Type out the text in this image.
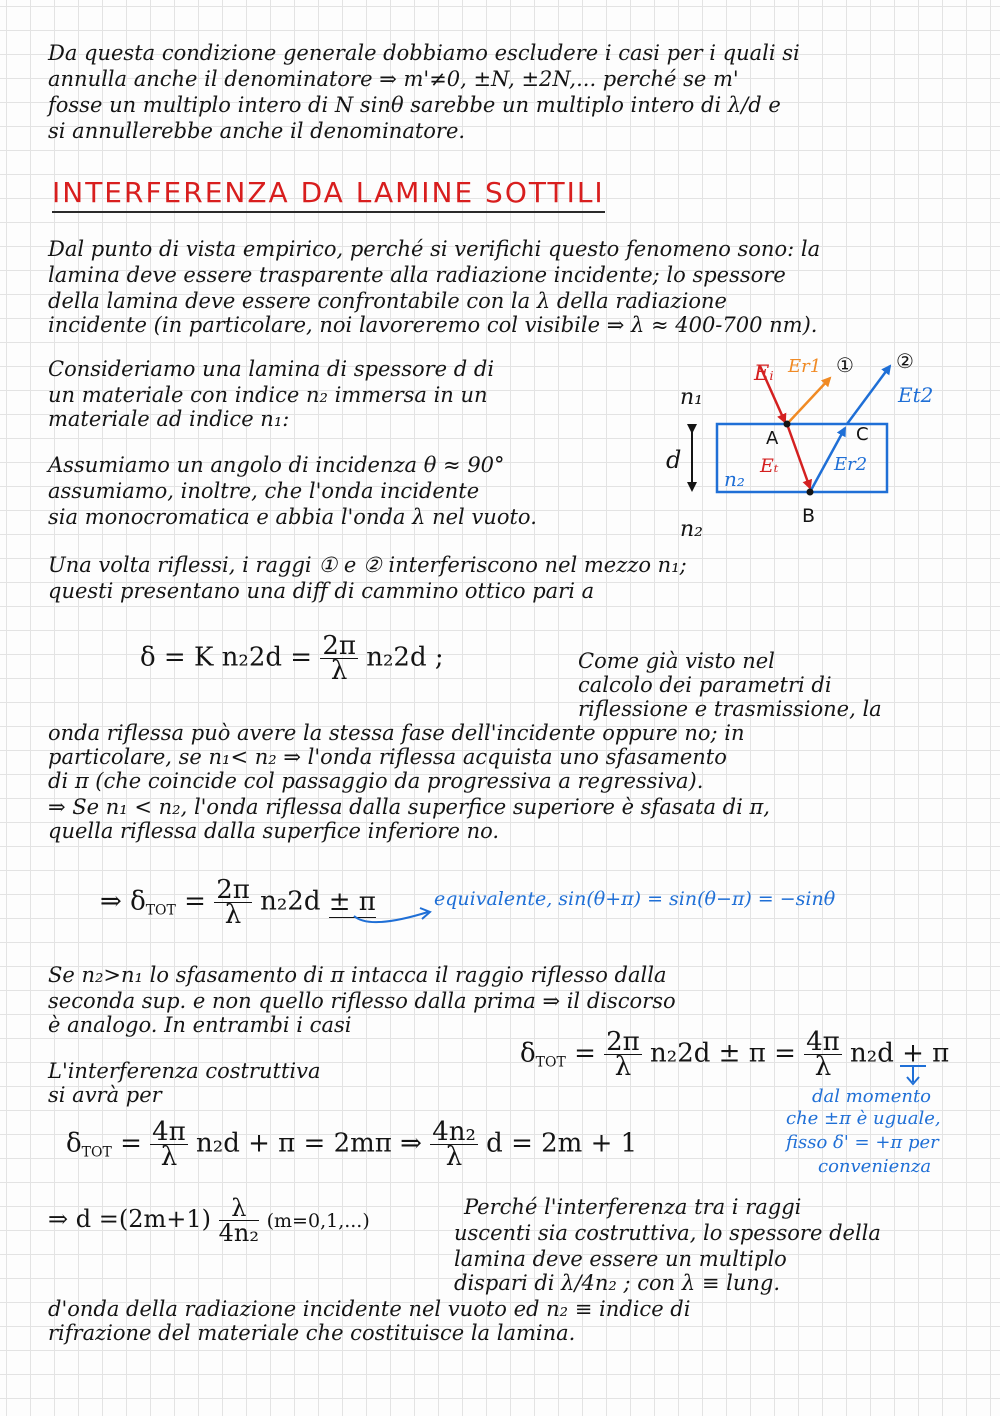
Da questa condizione generale dobbiamo escludere i casi per i quali si
annulla anche il denominatore ⇒ m'≠0, ±N, ±2N,... perché se m'
fosse un multiplo intero di N sinθ sarebbe un multiplo intero di λ/d e
si annullerebbe anche il denominatore.
INTERFERENZA DA LAMINE SOTTILI
Dal punto di vista empirico, perché si verifichi questo fenomeno sono: la
lamina deve essere trasparente alla radiazione incidente; lo spessore
della lamina deve essere confrontabile con la λ della radiazione
incidente (in particolare, noi lavoreremo col visibile ⇒ λ ≈ 400-700 nm).
Consideriamo una lamina di spessore d di
un materiale con indice n₂ immersa in un
materiale ad indice n₁:
Assumiamo un angolo di incidenza θ ≈ 90°
assumiamo, inoltre, che l'onda incidente
sia monocromatica e abbia l'onda λ nel vuoto.
Eᵢ Er1 ① ②
Et2
n₁
A	C
d
n₂
Eₜ	Er2
B
n₂
Una volta riflessi, i raggi ① e ② interferiscono nel mezzo n₁;
questi presentano una diff di cammino ottico pari a
δ = K $n_22d = \frac{2\pi}{\lambda} n_22d$ ;	Come già visto nel
calcolo dei parametri di
riflessione e trasmissione, la
onda riflessa può avere la stessa fase dell'incidente oppure no; in
particolare, se n₁< n₂ ⇒ l'onda riflessa acquista uno sfasamento
di π (che coincide col passaggio da progressiva a regressiva).
⇒ Se n₁ < n₂, l'onda riflessa dalla superfice superiore è sfasata di π,
quella riflessa dalla superfice inferiore no.
⇒ $\delta_{TOT} = \frac{2\pi}{\lambda} n_22d \pm \pi$	equivalente, sin(θ+π) = sin(θ−π) = −sinθ
Se n₂>n₁ lo sfasamento di π intacca il raggio riflesso dalla
seconda sup. e non quello riflesso dalla prima ⇒ il discorso
è analogo. In entrambi i casi
$\delta_{TOT} = \frac{2\pi}{\lambda} n_22d \pm \pi = \frac{4\pi}{\lambda} n_2d + \pi$
dal momento
che ±π è uguale,
fisso δ' = +π per
convenienza
L'interferenza costruttiva
si avrà per
$\delta_{TOT} = \frac{4\pi}{\lambda} n_2d + \pi = 2m\pi$ ⇒ $\frac{\text{4n₂}}{\lambda}$ d = 2m + 1
⇒ $d =(2m+1) \frac{\lambda}{\text{4n₂}} (m=0,1,...)$
Perché l'interferenza tra i raggi
uscenti sia costruttiva, lo spessore della
lamina deve essere un multiplo
dispari di λ/4n₂ ; con λ ≡ lung.
d'onda della radiazione incidente nel vuoto ed n₂ ≡ indice di
rifrazione del materiale che costituisce la lamina.
